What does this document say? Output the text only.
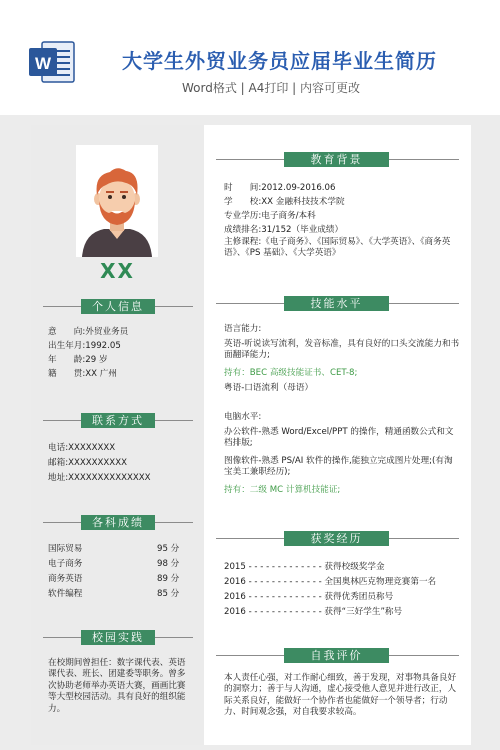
W	大学生外贸业务员应届毕业生简历
Word格式 | A4打印 | 内容可更改
XX
个人信息
意　　向:外贸业务员
出生年月:1992.05
年　　龄:29 岁
籍　　贯:XX 广州
联系方式
电话:XXXXXXXX
邮箱:XXXXXXXXXX
地址:XXXXXXXXXXXXXX
各科成绩
国际贸易	95 分
电子商务	98 分
商务英语	89 分
软件编程	85 分
校园实践
在校期间曾担任：数字课代表、英语课代表、班长、团建委等职务。曾多次协助老师举办英语大赛，画画比赛等大型校园活动。具有良好的组织能力。
教育背景
时　　间:2012.09-2016.06
学　　校:XX 金融科技技术学院
专业学历:电子商务/本科
成绩排名:31/152（毕业成绩）
主修课程:《电子商务》、《国际贸易》、《大学英语》、《商务英语》、《PS 基础》、《大学英语》
技能水平
语言能力:
英语-听说读写流利，发音标准，具有良好的口头交流能力和书面翻译能力;
持有：BEC 高级技能证书、CET-8;
粤语-口语流利（母语）
电脑水平:
办公软件-熟悉 Word/Excel/PPT 的操作，精通函数公式和文档排版;
图像软件-熟悉 PS/AI 软件的操作,能独立完成图片处理;(有淘宝美工兼职经历);
持有：二级 MC 计算机技能证;
获奖经历
2015 - - - - - - - - - - - - - 获得校级奖学金
2016 - - - - - - - - - - - - - 全国奥林匹克物理竞赛第一名
2016 - - - - - - - - - - - - - 获得优秀团员称号
2016 - - - - - - - - - - - - - 获得“三好学生”称号
自我评价
本人责任心强，对工作耐心细致，善于发现，对事物具备良好的洞察力；善于与人沟通，虚心接受他人意见并进行改正，人际关系良好，能做好一个协作者也能做好一个领导者；行动力、时间观念强，对自我要求较高。
